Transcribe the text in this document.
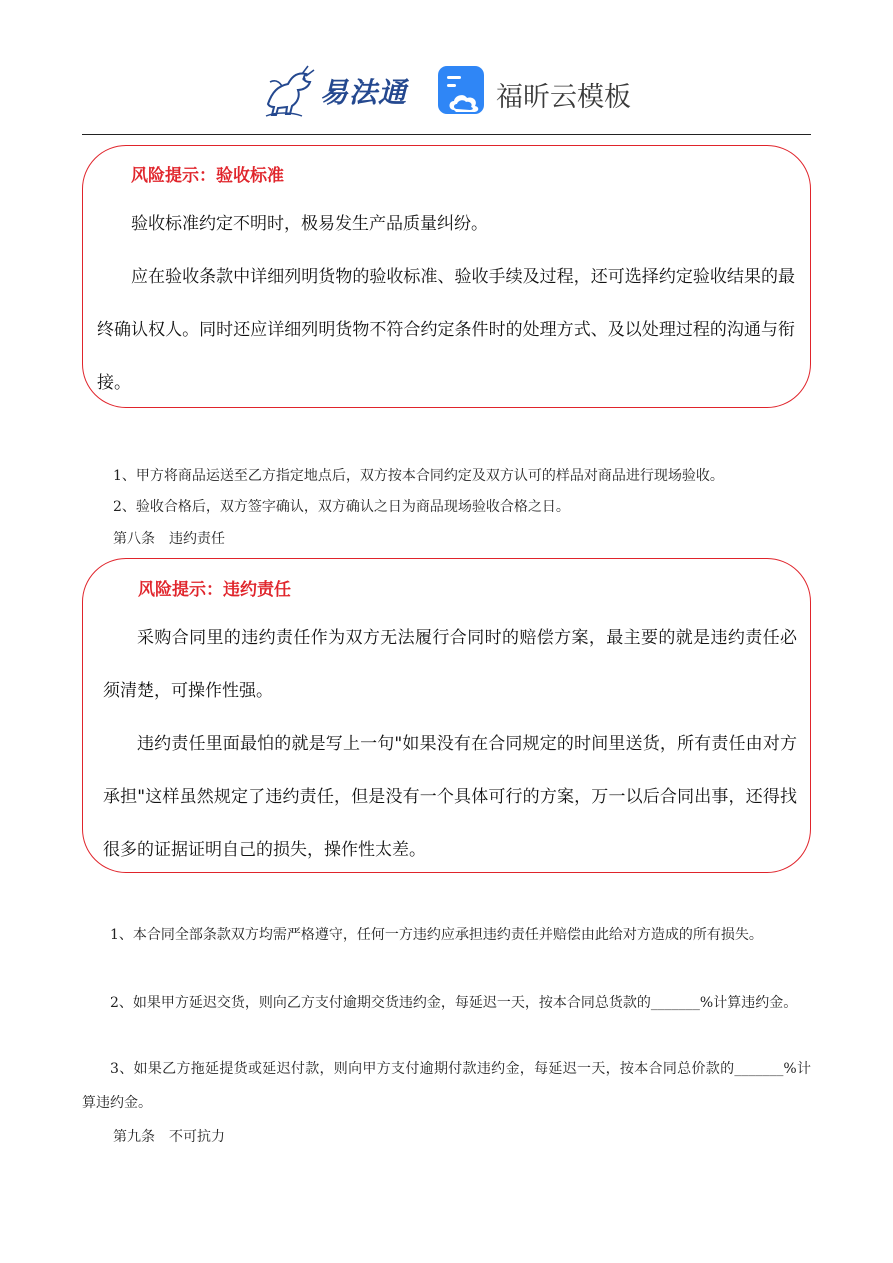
易法通	福昕云模板
风险提示：验收标准

验收标准约定不明时，极易发生产品质量纠纷。

应在验收条款中详细列明货物的验收标准、验收手续及过程，还可选择约定验收结果的最终确认权人。同时还应详细列明货物不符合约定条件时的处理方式、及以处理过程的沟通与衔接。

1、甲方将商品运送至乙方指定地点后，双方按本合同约定及双方认可的样品对商品进行现场验收。
2、验收合格后，双方签字确认，双方确认之日为商品现场验收合格之日。
第八条　违约责任
风险提示：违约责任

采购合同里的违约责任作为双方无法履行合同时的赔偿方案，最主要的就是违约责任必须清楚，可操作性强。

违约责任里面最怕的就是写上一句"如果没有在合同规定的时间里送货，所有责任由对方承担"这样虽然规定了违约责任，但是没有一个具体可行的方案，万一以后合同出事，还得找很多的证据证明自己的损失，操作性太差。

1、本合同全部条款双方均需严格遵守，任何一方违约应承担违约责任并赔偿由此给对方造成的所有损失。

2、如果甲方延迟交货，则向乙方支付逾期交货违约金，每延迟一天，按本合同总货款的_______%计算违约金。

3、如果乙方拖延提货或延迟付款，则向甲方支付逾期付款违约金，每延迟一天，按本合同总价款的_______%计算违约金。

第九条　不可抗力
